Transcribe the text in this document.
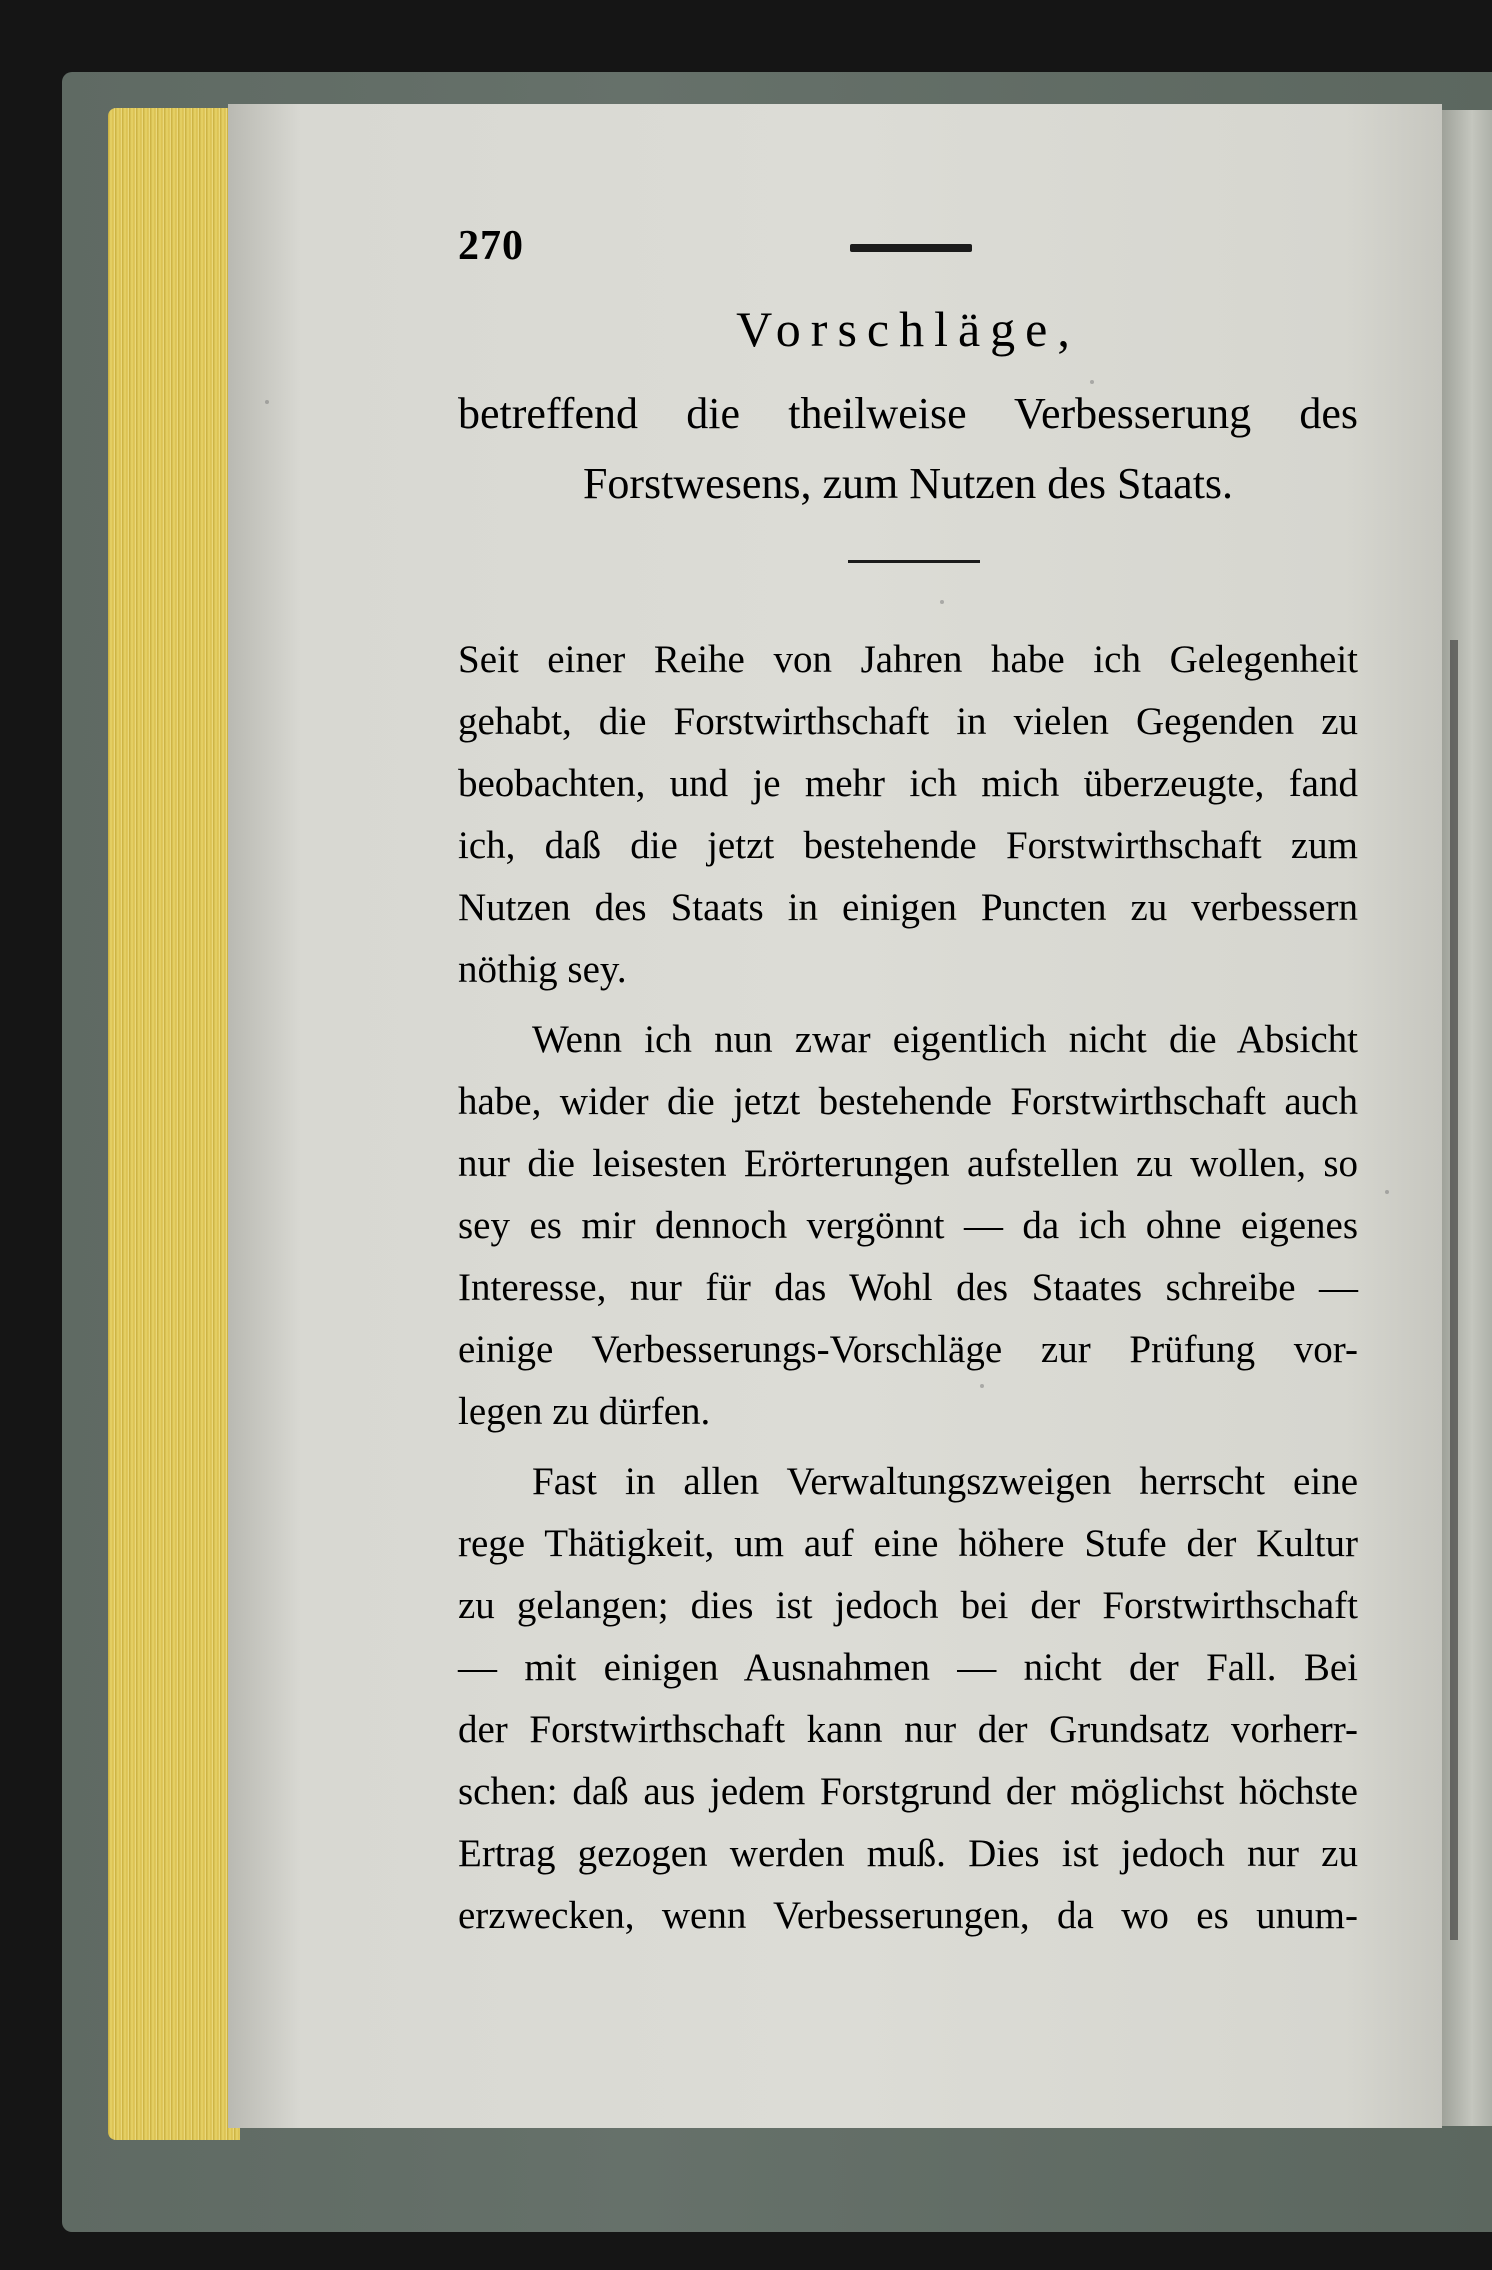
270
Vorschläge,
betreffend die theilweise Verbesserung des
Forstwesens, zum Nutzen des Staats.
Seit einer Reihe von Jahren habe ich Gelegenheit
gehabt, die Forstwirthschaft in vielen Gegenden zu
beobachten, und je mehr ich mich überzeugte, fand
ich, daß die jetzt bestehende Forstwirthschaft zum
Nutzen des Staats in einigen Puncten zu verbessern
nöthig sey.
Wenn ich nun zwar eigentlich nicht die Absicht
habe, wider die jetzt bestehende Forstwirthschaft auch
nur die leisesten Erörterungen aufstellen zu wollen, so
sey es mir dennoch vergönnt — da ich ohne eigenes
Interesse, nur für das Wohl des Staates schreibe —
einige Verbesserungs-Vorschläge zur Prüfung vor-
legen zu dürfen.
Fast in allen Verwaltungszweigen herrscht eine
rege Thätigkeit, um auf eine höhere Stufe der Kultur
zu gelangen; dies ist jedoch bei der Forstwirthschaft
— mit einigen Ausnahmen — nicht der Fall. Bei
der Forstwirthschaft kann nur der Grundsatz vorherr-
schen: daß aus jedem Forstgrund der möglichst höchste
Ertrag gezogen werden muß. Dies ist jedoch nur zu
erzwecken, wenn Verbesserungen, da wo es unum-
